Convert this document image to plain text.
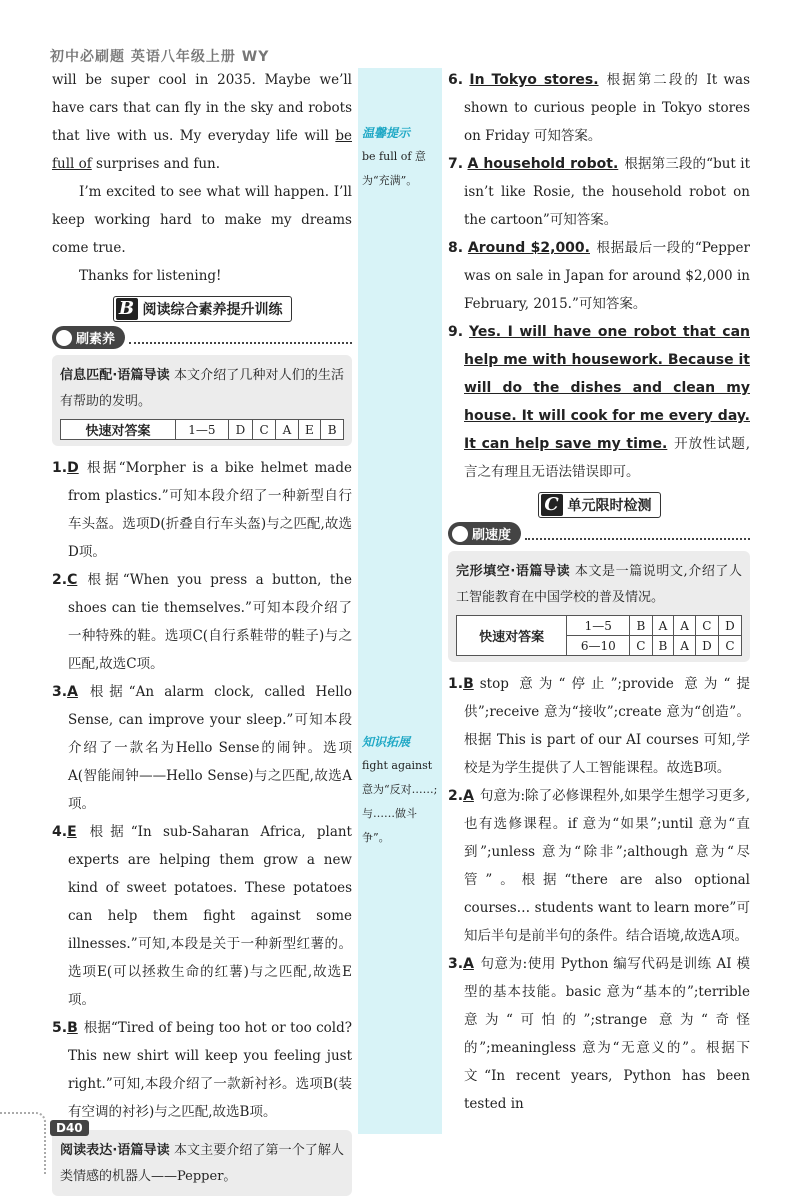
初中必刷题 英语八年级上册 WY

will be super cool in 2035. Maybe we’ll have cars that can fly in the sky and robots that live with us. My everyday life will be full of surprises and fun.

I’m excited to see what will happen. I’ll keep working hard to make my dreams come true.

Thanks for listening!

B 阅读综合素养提升训练
刷素养

信息匹配·语篇导读 本文介绍了几种对人们的生活有帮助的发明。

快速对答案	1—5	D	C	A	E	B

1.D 根据“Morpher is a bike helmet made from plastics.”可知本段介绍了一种新型自行车头盔。选项D(折叠自行车头盔)与之匹配,故选D项。

2.C 根据“When you press a button, the shoes can tie themselves.”可知本段介绍了一种特殊的鞋。选项C(自行系鞋带的鞋子)与之匹配,故选C项。

3.A 根据“An alarm clock, called Hello Sense, can improve your sleep.”可知本段介绍了一款名为Hello Sense的闹钟。选项A(智能闹钟——Hello Sense)与之匹配,故选A项。

4.E 根据“In sub-Saharan Africa, plant experts are helping them grow a new kind of sweet potatoes. These potatoes can help them fight against some illnesses.”可知,本段是关于一种新型红薯的。选项E(可以拯救生命的红薯)与之匹配,故选E项。

5.B 根据“Tired of being too hot or too cold? This new shirt will keep you feeling just right.”可知,本段介绍了一款新衬衫。选项B(装有空调的衬衫)与之匹配,故选B项。

阅读表达·语篇导读 本文主要介绍了第一个了解人类情感的机器人——Pepper。

温馨提示

be full of 意为“充满”。

知识拓展

fight against 意为“反对……;与……做斗争”。

6. In Tokyo stores. 根据第二段的 It was shown to curious people in Tokyo stores on Friday 可知答案。

7. A household robot. 根据第三段的“but it isn’t like Rosie, the household robot on the cartoon”可知答案。

8. Around $2,000. 根据最后一段的“Pepper was on sale in Japan for around $2,000 in February, 2015.”可知答案。

9. Yes. I will have one robot that can help me with housework. Because it will do the dishes and clean my house. It will cook for me every day. It can help save my time. 开放性试题,言之有理且无语法错误即可。

C 单元限时检测
刷速度

完形填空·语篇导读 本文是一篇说明文,介绍了人工智能教育在中国学校的普及情况。

快速对答案	1—5	B	A	A	C	D
	6—10	C	B	A	D	C

1.B stop 意为“停止”;provide 意为“提供”;receive 意为“接收”;create 意为“创造”。根据 This is part of our AI courses 可知,学校是为学生提供了人工智能课程。故选B项。

2.A 句意为:除了必修课程外,如果学生想学习更多,也有选修课程。if 意为“如果”;until 意为“直到”;unless 意为“除非”;although 意为“尽管”。根据“there are also optional courses… students want to learn more”可知后半句是前半句的条件。结合语境,故选A项。

3.A 句意为:使用 Python 编写代码是训练 AI 模型的基本技能。basic 意为“基本的”;terrible 意为“可怕的”;strange 意为“奇怪的”;meaningless 意为“无意义的”。根据下文“In recent years, Python has been tested in

D40
